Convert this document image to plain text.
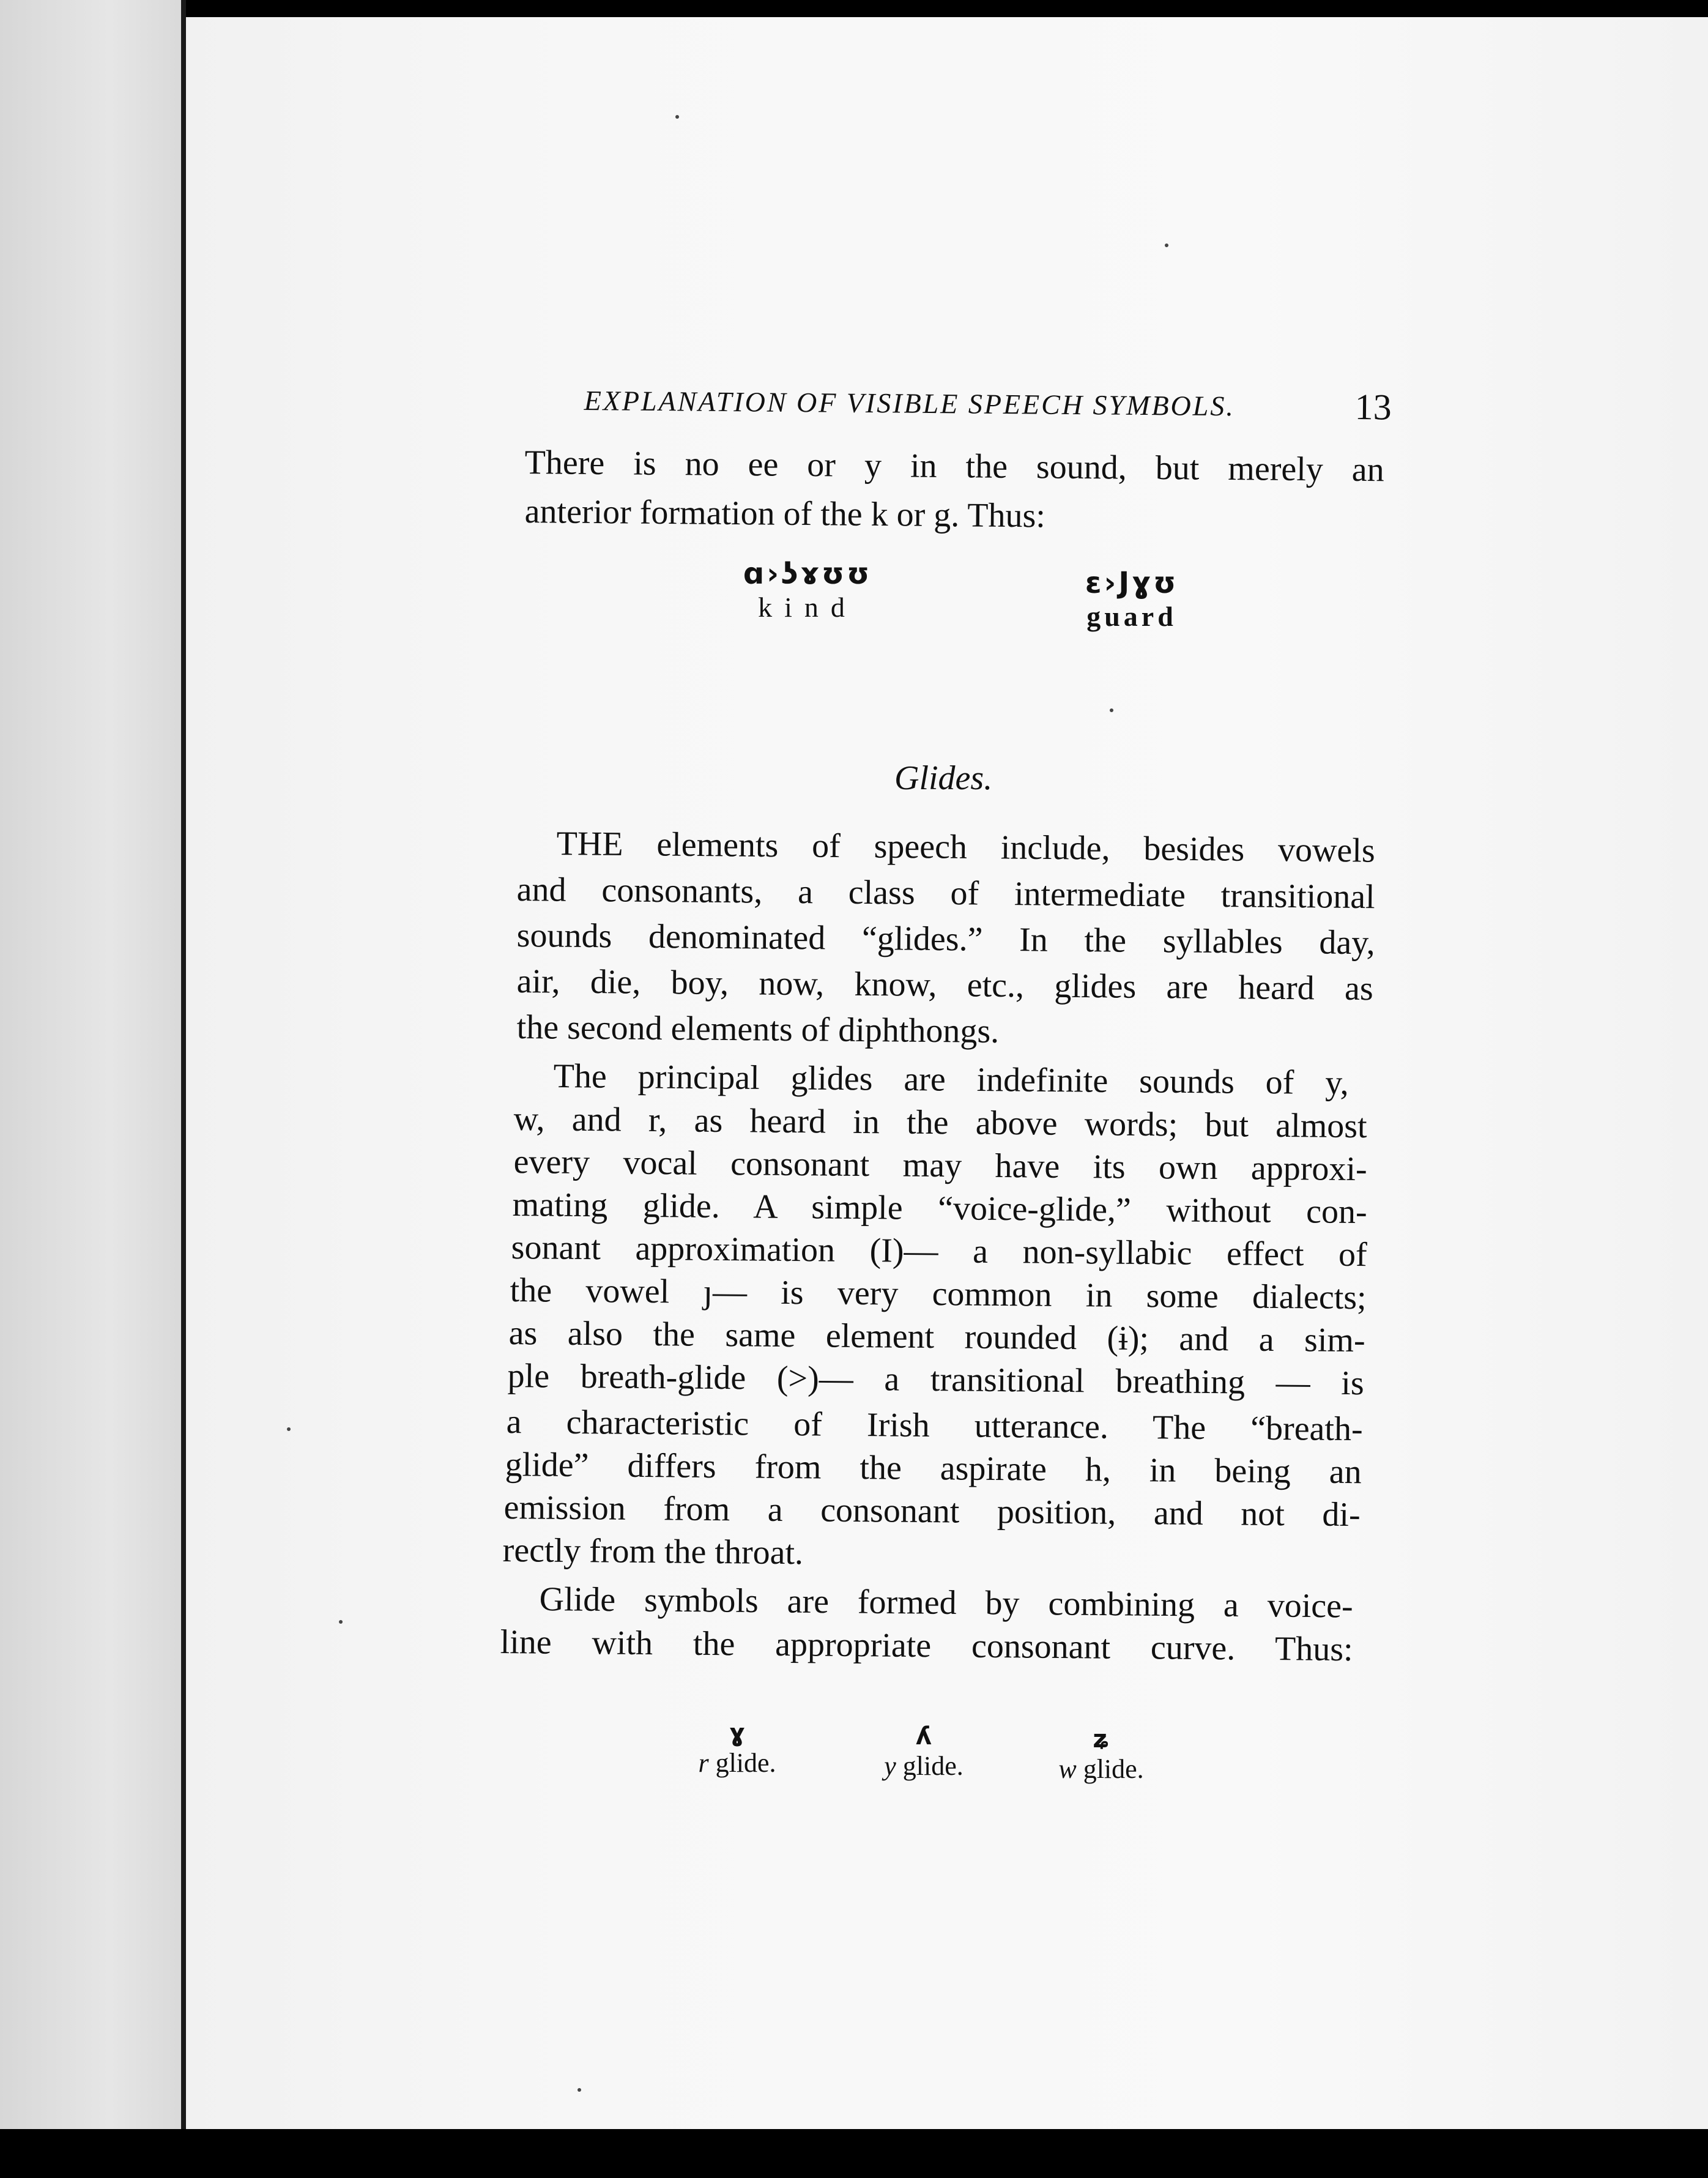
EXPLANATION OF VISIBLE SPEECH SYMBOLS.	13
There is no ee or y in the sound, but merely an
anterior formation of the k or g. Thus:
ɑ›ʖɤʊʊ
kind
ɛ›Jɣʊ
guard
Glides.
THE elements of speech include, besides vowels
and consonants, a class of intermediate transitional
sounds denominated “glides.” In the syllables day,
air, die, boy, now, know, etc., glides are heard as
the second elements of diphthongs.
The principal glides are indefinite sounds of y,
w, and r, as heard in the above words; but almost
every vocal consonant may have its own approxi-
mating glide. A simple “voice-glide,” without con-
sonant approximation (I)— a non-syllabic effect of
the vowel ȷ— is very common in some dialects;
as also the same element rounded (ɨ); and a sim-
ple breath-glide (>)— a transitional breathing — is
a characteristic of Irish utterance. The “breath-
glide” differs from the aspirate h, in being an
emission from a consonant position, and not di-
rectly from the throat.
Glide symbols are formed by combining a voice-
line with the appropriate consonant curve. Thus:
ɣ
r glide.
ʎ
y glide.
ʑ
w glide.
